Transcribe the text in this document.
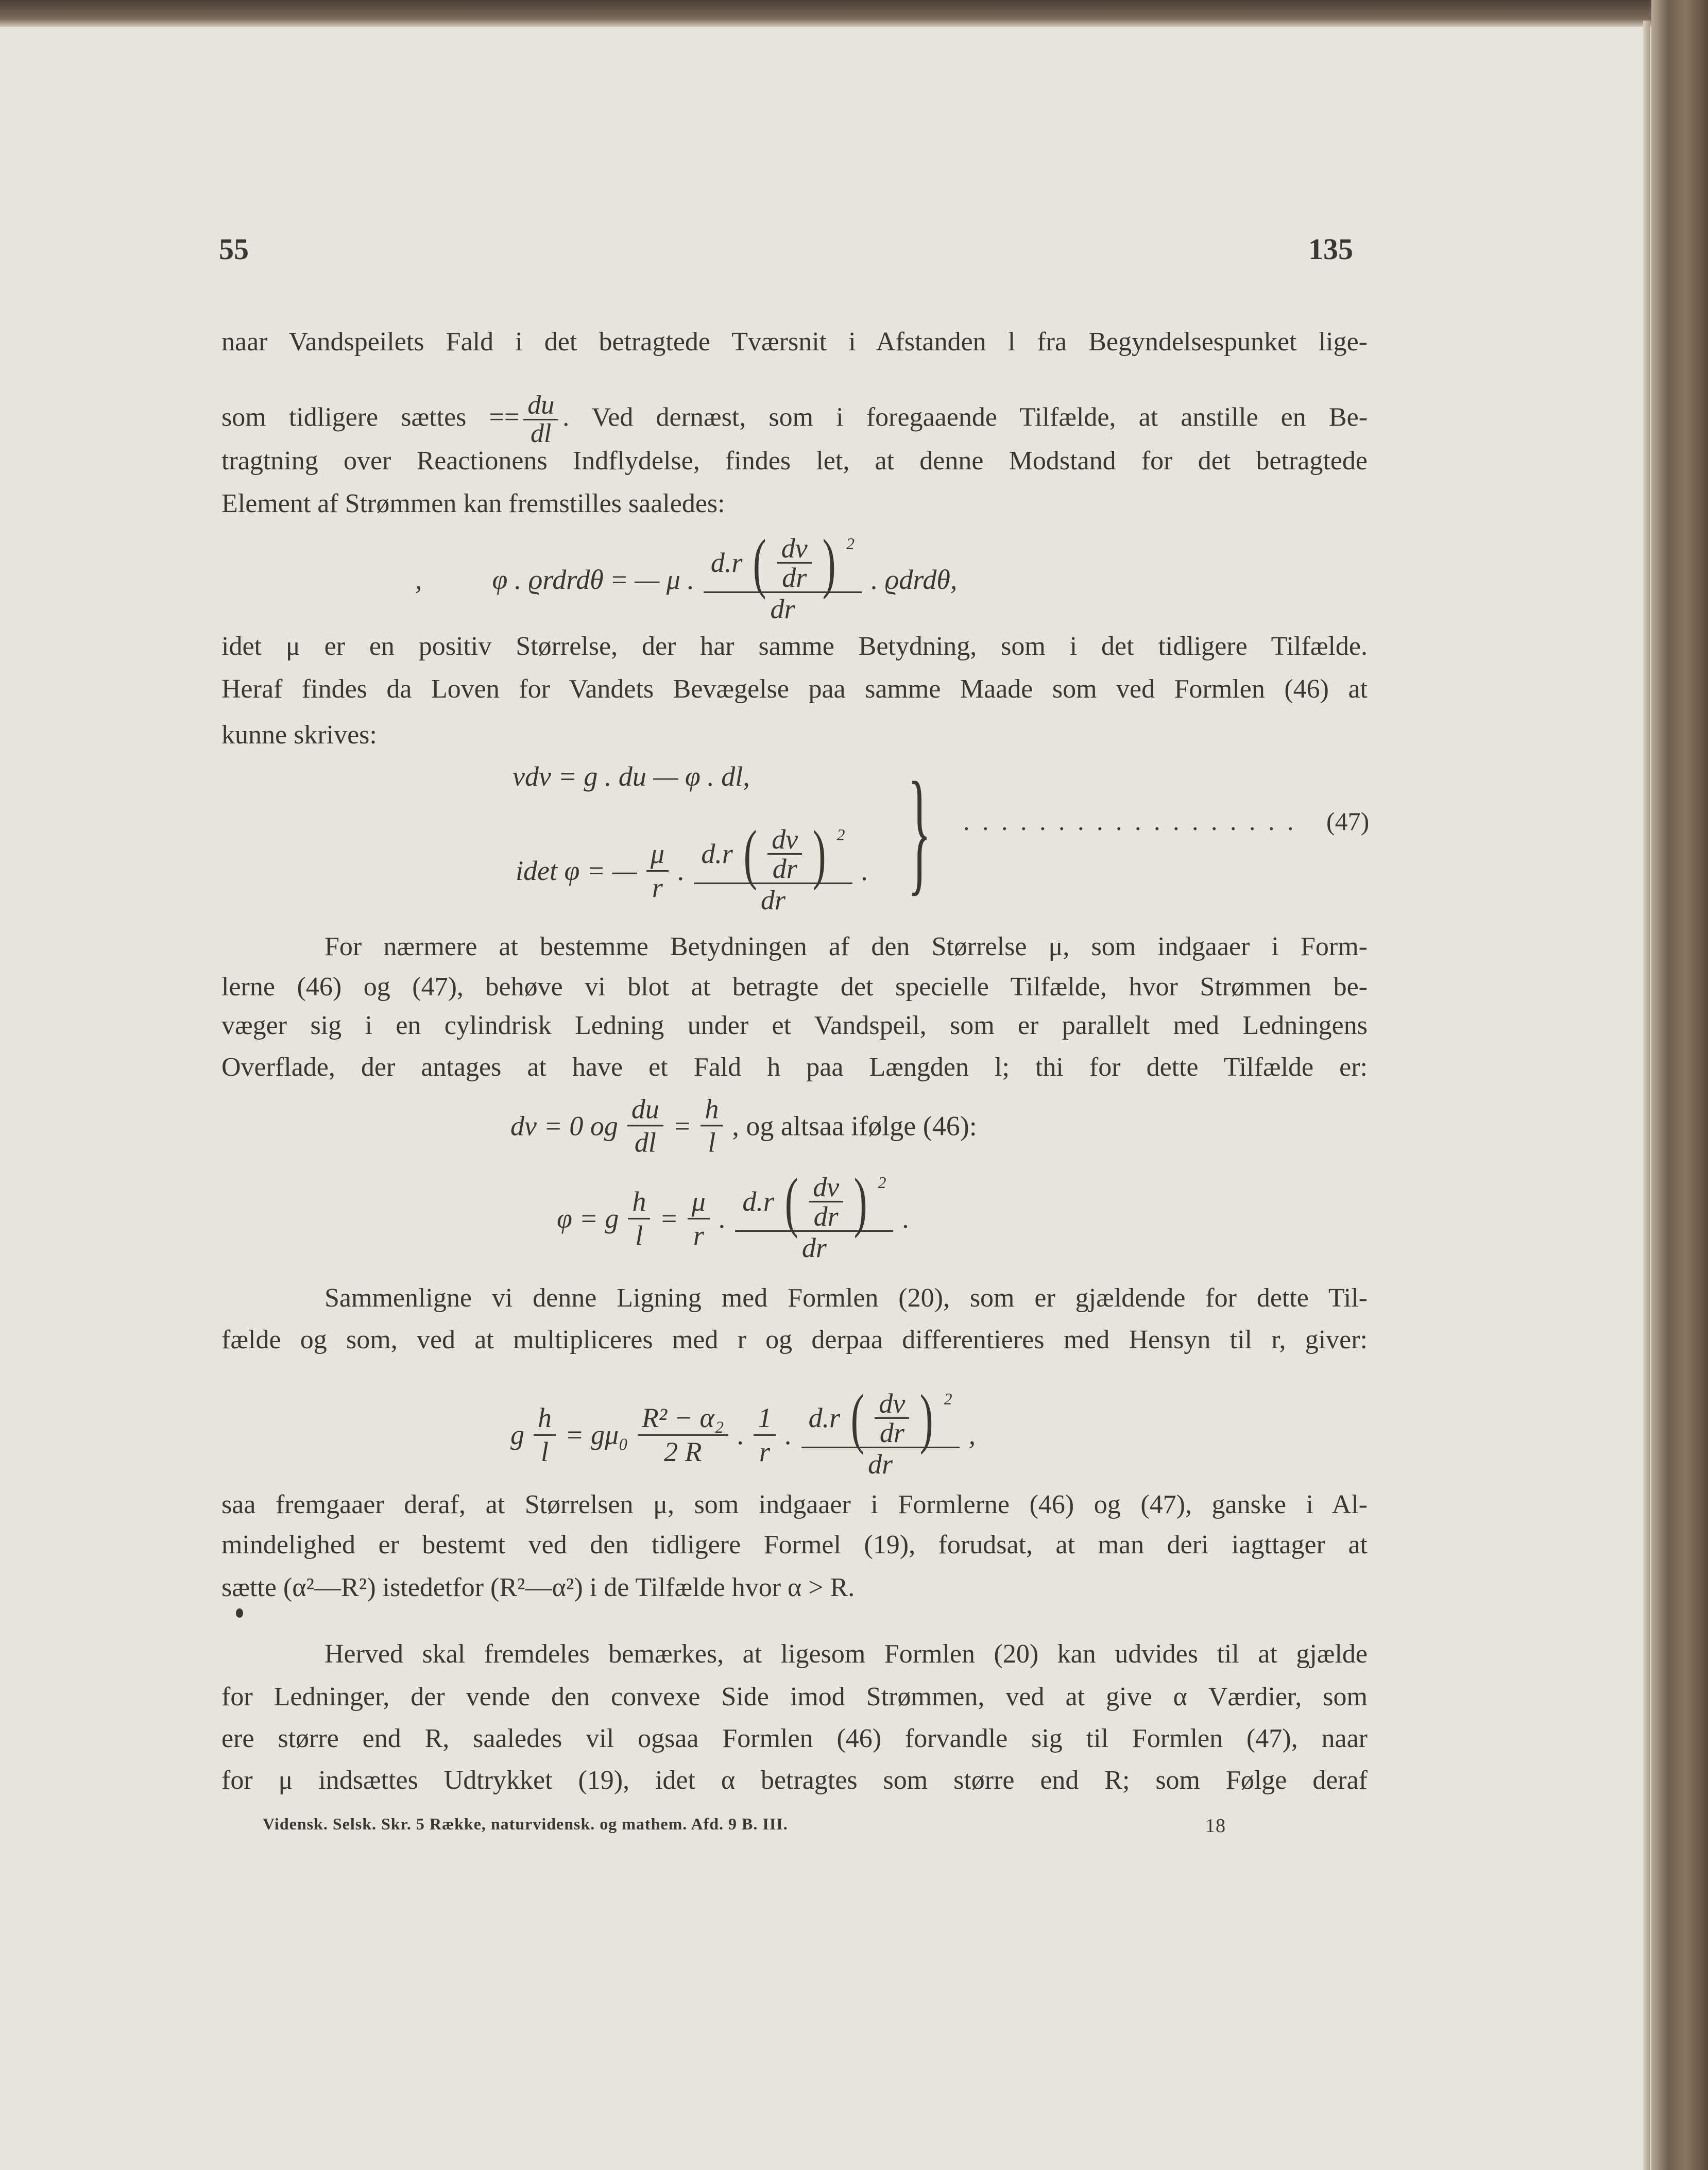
55	135
naar Vandspeilets Fald i det betragtede Tværsnit i Afstanden l fra Begyndelsespunket lige-
som tidligere sættes == $\frac{du}{dl}$ . Ved dernæst, som i foregaaende Tilfælde, at anstille en Be-
tragtning over Reactionens Indflydelse, findes let, at denne Modstand for det betragtede
Element af Strømmen kan fremstilles saaledes:
,	φ . ϱrdrdθ = — μ . $\frac{d.r ( \frac{dv}{dr} ) 2}{dr}$ . ϱdrdθ,
idet μ er en positiv Størrelse, der har samme Betydning, som i det tidligere Tilfælde.
Heraf findes da Loven for Vandets Bevægelse paa samme Maade som ved Formlen (46) at
kunne skrives:
vdv = g . du — φ . dl,
idet φ = — $\frac{\mu}{r}$ . $\frac{d.r ( \frac{dv}{dr} ) 2}{dr}$ . } . . . . . . . . . . . . . . . . . . (47)
For nærmere at bestemme Betydningen af den Størrelse μ, som indgaaer i Form-
lerne (46) og (47), behøve vi blot at betragte det specielle Tilfælde, hvor Strømmen be-
væger sig i en cylindrisk Ledning under et Vandspeil, som er parallelt med Ledningens
Overflade, der antages at have et Fald h paa Længden l; thi for dette Tilfælde er:
dv = 0 og $\frac{du}{dl} = \frac{h}{l}$ , og altsaa ifølge (46):
φ = g $\frac{h}{l} = \frac{\mu}{r}$ . $\frac{d.r ( \frac{dv}{dr} ) 2}{dr}$ .
Sammenligne vi denne Ligning med Formlen (20), som er gjældende for dette Til-
fælde og som, ved at multipliceres med r og derpaa differentieres med Hensyn til r, giver:
g $\frac{h}{l} = g\mu_0 \frac{\text{R² − α₂}}{2 R}$ . $\frac{1}{r}$ . $\frac{d.r ( \frac{dv}{dr} ) 2}{dr}$ ,
saa fremgaaer deraf, at Størrelsen μ, som indgaaer i Formlerne (46) og (47), ganske i Al-
mindelighed er bestemt ved den tidligere Formel (19), forudsat, at man deri iagttager at
sætte (α²—R²) istedetfor (R²—α²) i de Tilfælde hvor α > R.
Herved skal fremdeles bemærkes, at ligesom Formlen (20) kan udvides til at gjælde
for Ledninger, der vende den convexe Side imod Strømmen, ved at give α Værdier, som
ere større end R, saaledes vil ogsaa Formlen (46) forvandle sig til Formlen (47), naar
for μ indsættes Udtrykket (19), idet α betragtes som større end R; som Følge deraf
Vidensk. Selsk. Skr. 5 Række, naturvidensk. og mathem. Afd. 9 B. III.	18
